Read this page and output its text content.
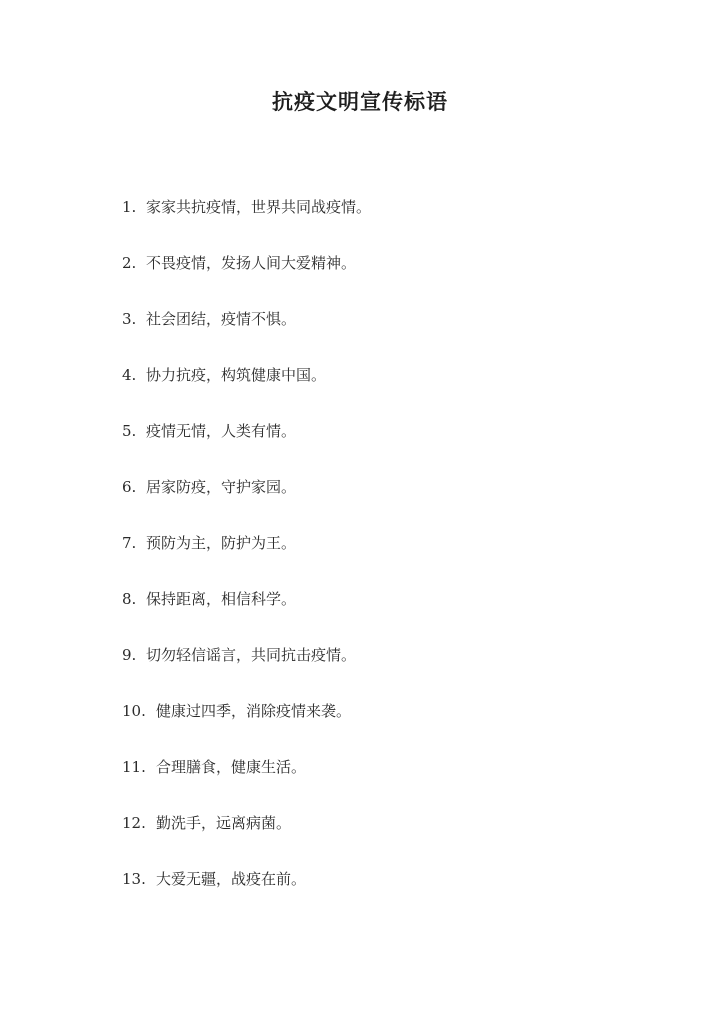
抗疫文明宣传标语
1. 家家共抗疫情，世界共同战疫情。
2. 不畏疫情，发扬人间大爱精神。
3. 社会团结，疫情不惧。
4. 协力抗疫，构筑健康中国。
5. 疫情无情，人类有情。
6. 居家防疫，守护家园。
7. 预防为主，防护为王。
8. 保持距离，相信科学。
9. 切勿轻信谣言，共同抗击疫情。
10. 健康过四季，消除疫情来袭。
11. 合理膳食，健康生活。
12. 勤洗手，远离病菌。
13. 大爱无疆，战疫在前。
